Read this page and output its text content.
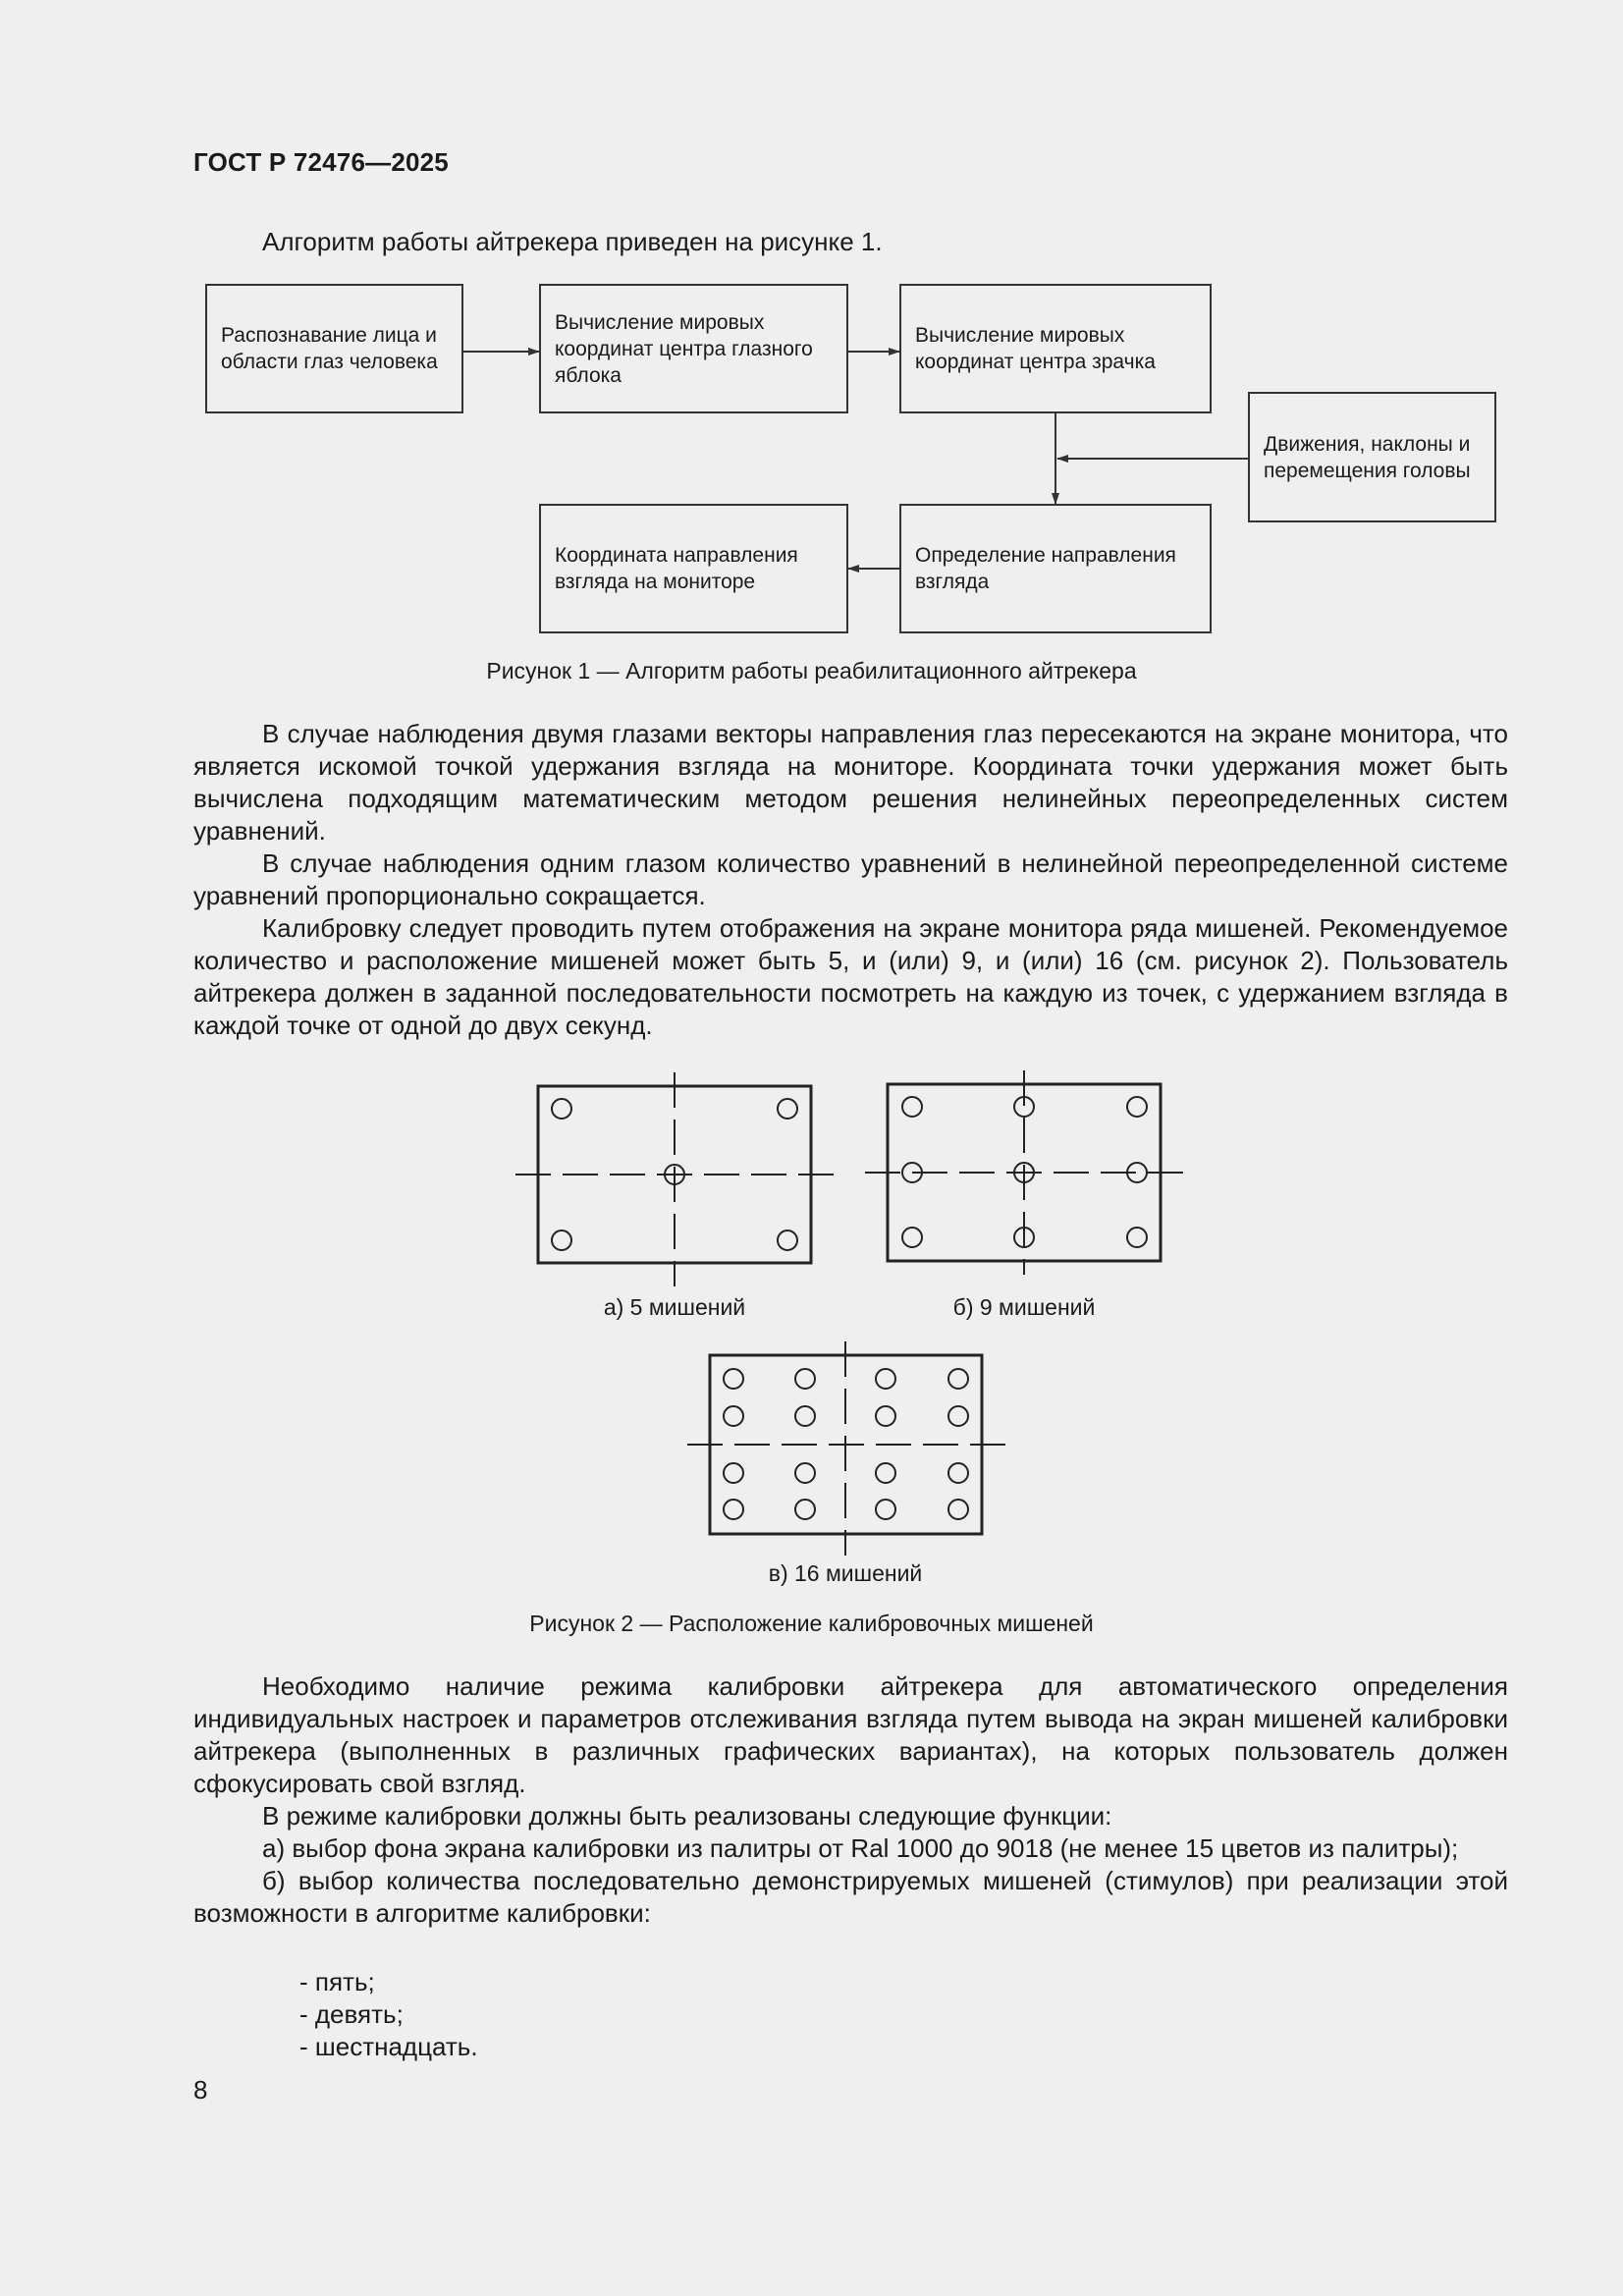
ГОСТ Р 72476—2025
Алгоритм работы айтрекера приведен на рисунке 1.
Распознавание лица и
области глаз человека
Вычисление мировых
координат центра глазного
яблока
Вычисление мировых
координат центра зрачка
Движения, наклоны и
перемещения головы
Определение направления
взгляда
Координата направления
взгляда на мониторе
Рисунок 1 — Алгоритм работы реабилитационного айтрекера

В случае наблюдения двумя глазами векторы направления глаз пересекаются на экране монитора, что является искомой точкой удержания взгляда на мониторе. Координата точки удержания может быть вычислена подходящим математическим методом решения нелинейных переопределенных систем уравнений.

В случае наблюдения одним глазом количество уравнений в нелинейной переопределенной системе уравнений пропорционально сокращается.

Калибровку следует проводить путем отображения на экране монитора ряда мишеней. Рекомендуемое количество и расположение мишеней может быть 5, и (или) 9, и (или) 16 (см. рисунок 2). Пользователь айтрекера должен в заданной последовательности посмотреть на каждую из точек, с удержанием взгляда в каждой точке от одной до двух секунд.

а) 5 мишений	б) 9 мишений
в) 16 мишений
Рисунок 2 — Расположение калибровочных мишеней

Необходимо наличие режима калибровки айтрекера для автоматического определения индивидуальных настроек и параметров отслеживания взгляда путем вывода на экран мишеней калибровки айтрекера (выполненных в различных графических вариантах), на которых пользователь должен сфокусировать свой взгляд.

В режиме калибровки должны быть реализованы следующие функции:

а) выбор фона экрана калибровки из палитры от Ral 1000 до 9018 (не менее 15 цветов из палитры);

б) выбор количества последовательно демонстрируемых мишеней (стимулов) при реализации этой возможности в алгоритме калибровки:

- пять;
- девять;
- шестнадцать.
8
